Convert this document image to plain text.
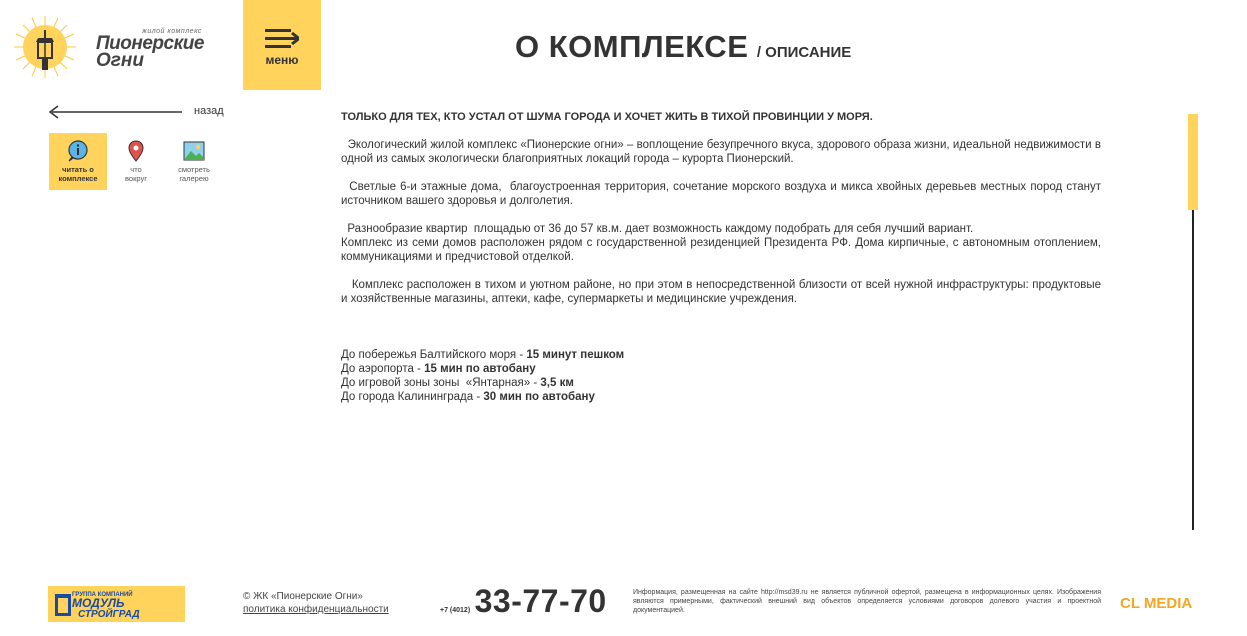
жилой комплекс
Пионерские
Огни	меню	О КОМПЛЕКСЕ / ОПИСАНИЕ
назад
читать о
комплексе
что
вокруг
смотреть
галерею
ТОЛЬКО ДЛЯ ТЕХ, КТО УСТАЛ ОТ ШУМА ГОРОДА И ХОЧЕТ ЖИТЬ В ТИХОЙ ПРОВИНЦИИ У МОРЯ.

Экологический жилой комплекс «Пионерские огни» – воплощение безупречного вкуса, здорового образа жизни, идеальной недвижимости в одной из самых экологически благоприятных локаций города – курорта Пионерский.

Светлые 6-и этажные дома,  благоустроенная территория, сочетание морского воздуха и микса хвойных деревьев местных пород станут источником вашего здоровья и долголетия.

Разнообразие квартир  площадью от 36 до 57 кв.м. дает возможность каждому подобрать для себя лучший вариант.

Комплекс из семи домов расположен рядом с государственной резиденцией Президента РФ. Дома кирпичные, с автономным отоплением, коммуникациями и предчистовой отделкой.

Комплекс расположен в тихом и уютном районе, но при этом в непосредственной близости от всей нужной инфраструктуры: продуктовые и хозяйственные магазины, аптеки, кафе, супермаркеты и медицинские учреждения.

До побережья Балтийского моря - 15 минут пешком
До аэропорта - 15 мин по автобану
До игровой зоны зоны  «Янтарная» - 3,5 км
До города Калининграда - 30 мин по автобану
ГРУППА КОМПАНИЙ
МОДУЛЬ
СТРОЙГРАД
© ЖК «Пионерские Огни»
политика конфиденциальности	+7 (4012) 33-77-70	Информация, размещенная на сайте http://msd39.ru не является публичной офертой, размещена в информационных целях. Изображения являются примерными, фактический внешний вид объектов определяется условиями договоров долевого участия и проектной документацией.	CL MEDIA
